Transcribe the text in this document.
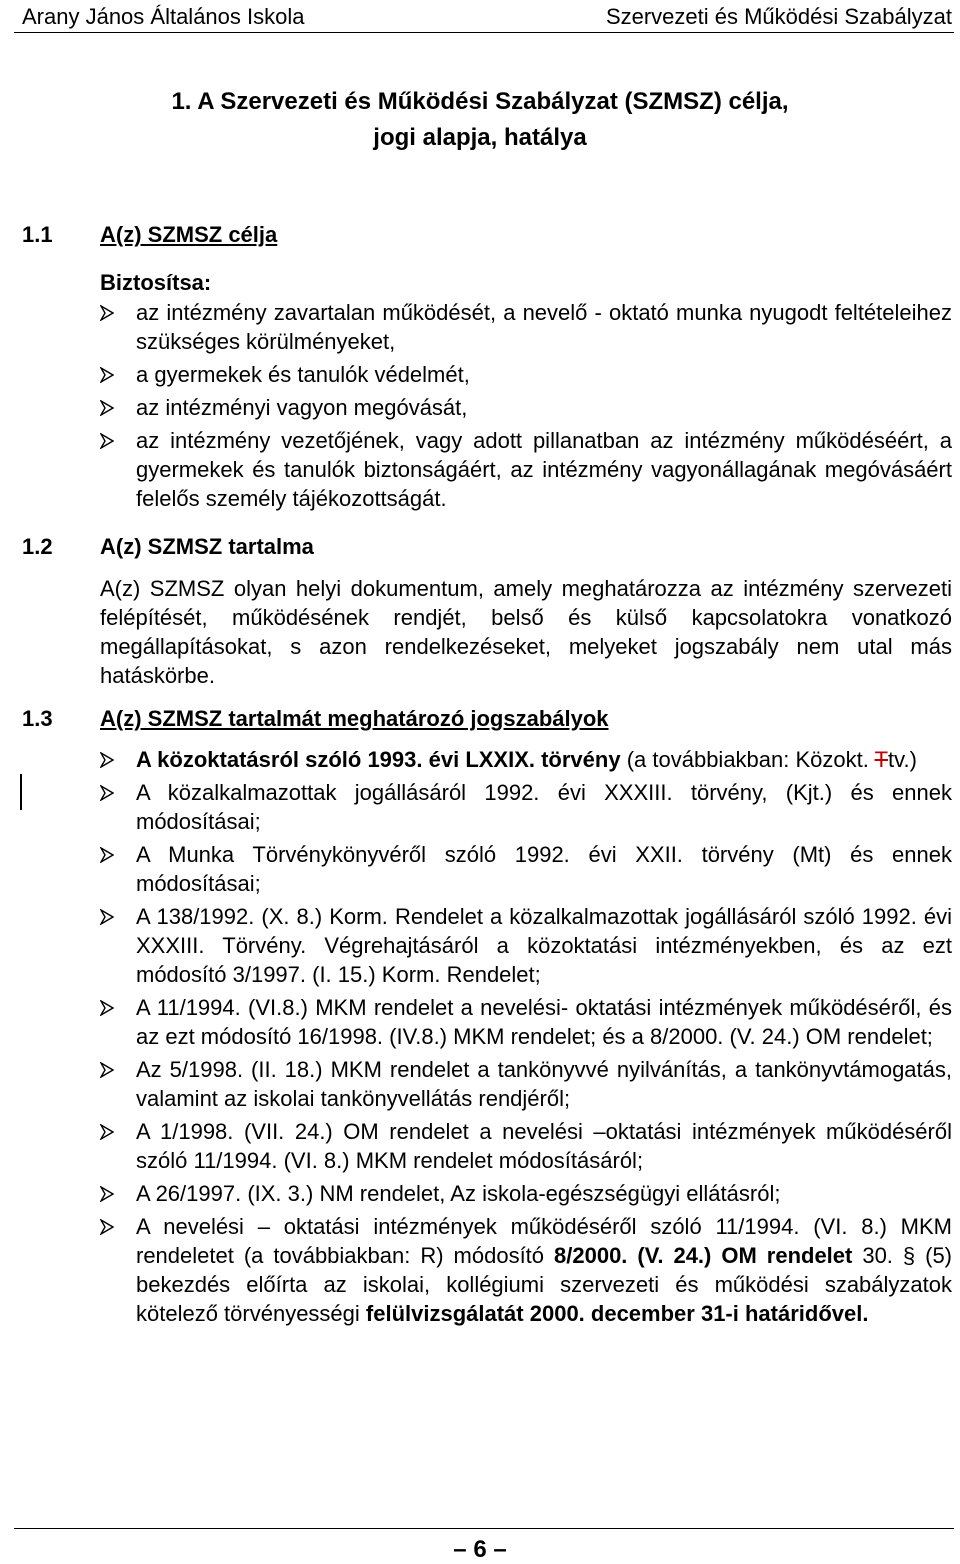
Arany János Általános Iskola	Szervezeti és Működési Szabályzat
1. A Szervezeti és Működési Szabályzat (SZMSZ) célja,
jogi alapja, hatálya
1.1 A(z) SZMSZ célja
Biztosítsa:
az intézmény zavartalan működését, a nevelő - oktató munka nyugodt feltételeihez szükséges körülményeket,
a gyermekek és tanulók védelmét,
az intézményi vagyon megóvását,
az intézmény vezetőjének, vagy adott pillanatban az intézmény működéséért, a gyermekek és tanulók biztonságáért, az intézmény vagyonállagának megóvásáért felelős személy tájékozottságát.
1.2 A(z) SZMSZ tartalma
A(z) SZMSZ olyan helyi dokumentum, amely meghatározza az intézmény szervezeti felépítését, működésének rendjét, belső és külső kapcsolatokra vonatkozó megállapításokat, s azon rendelkezéseket, melyeket jogszabály nem utal más hatáskörbe.
1.3 A(z) SZMSZ tartalmát meghatározó jogszabályok
A közoktatásról szóló 1993. évi LXXIX. törvény (a továbbiakban: Közokt. Ttv.)
A közalkalmazottak jogállásáról 1992. évi XXXIII. törvény, (Kjt.) és ennek módosításai;
A Munka Törvénykönyvéről szóló 1992. évi XXII. törvény (Mt) és ennek módosításai;
A 138/1992. (X. 8.) Korm. Rendelet a közalkalmazottak jogállásáról szóló 1992. évi XXXIII. Törvény. Végrehajtásáról a közoktatási intézményekben, és az ezt módosító 3/1997. (I. 15.) Korm. Rendelet;
A 11/1994. (VI.8.) MKM rendelet a nevelési- oktatási intézmények működéséről, és az ezt módosító 16/1998. (IV.8.) MKM rendelet; és a 8/2000. (V. 24.) OM rendelet;
Az 5/1998. (II. 18.) MKM rendelet a tankönyvvé nyilvánítás, a tankönyvtámogatás, valamint az iskolai tankönyvellátás rendjéről;
A 1/1998. (VII. 24.) OM rendelet a nevelési –oktatási intézmények működéséről szóló 11/1994. (VI. 8.) MKM rendelet módosításáról;
A 26/1997. (IX. 3.) NM rendelet, Az iskola-egészségügyi ellátásról;
A nevelési – oktatási intézmények működéséről szóló 11/1994. (VI. 8.) MKM rendeletet (a továbbiakban: R) módosító 8/2000. (V. 24.) OM rendelet 30. § (5) bekezdés előírta az iskolai, kollégiumi szervezeti és működési szabályzatok kötelező törvényességi felülvizsgálatát 2000. december 31-i határidővel.
– 6 –
